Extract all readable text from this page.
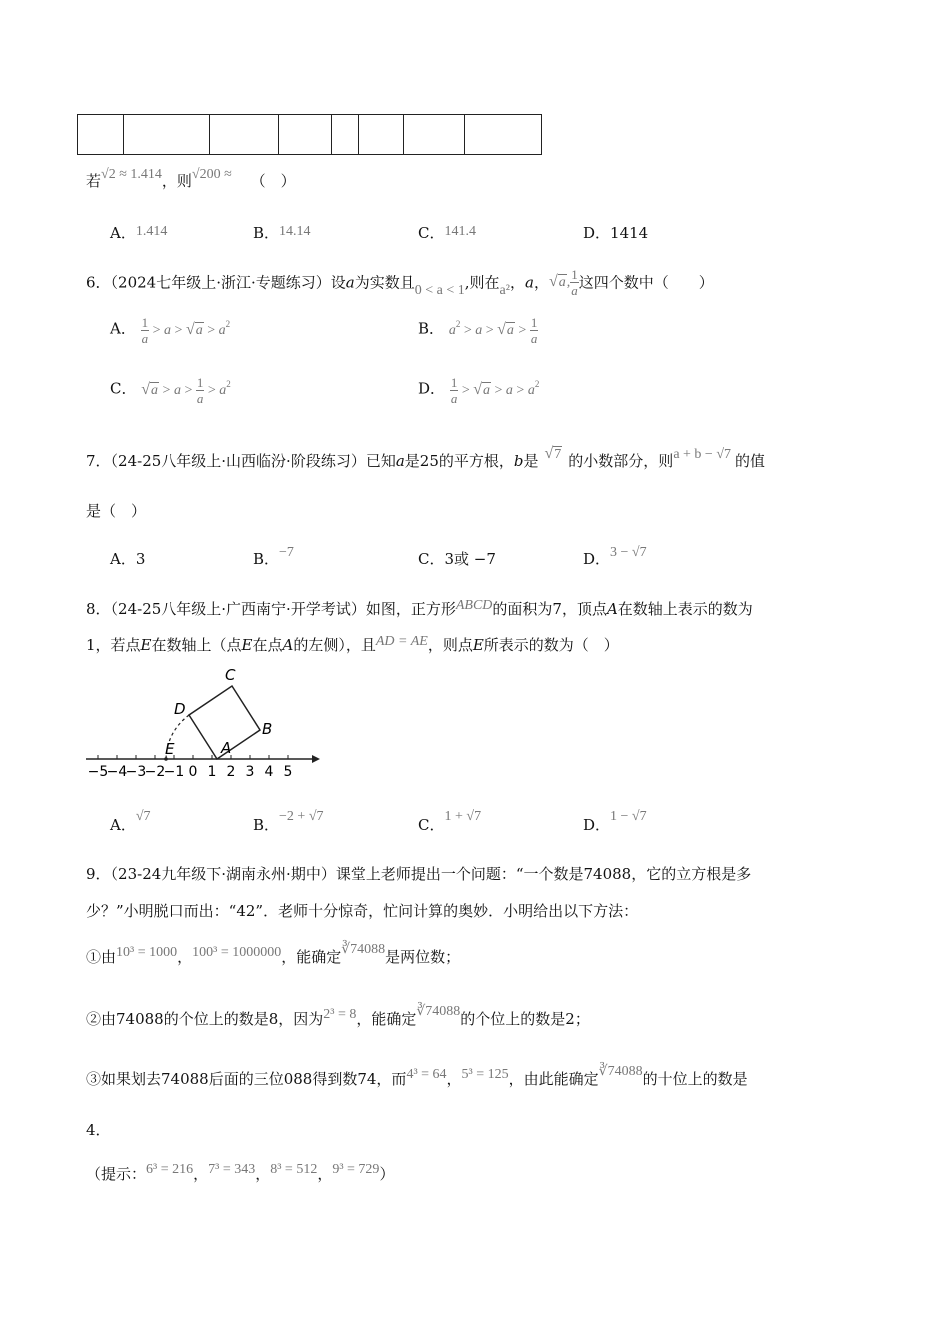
若√2 ≈ 1.414，则√200 ≈ （　）
A．1.414	B．14.14	C．141.4	D．1414
6．（2024七年级上·浙江·专题练习）设a为实数且0 < a < 1,则在a²，a，√a, $\frac{1}{a}$ 这四个数中（　　）
A． $\frac{1}{a} > a > √a > a^2$	B． $a^2 > a > √a > \frac{1}{a}$
C． $√a > a > \frac{1}{a} > a^2$	D． $\frac{1}{a} > √a > a > a^2$
7．（24-25八年级上·山西临汾·阶段练习）已知a是25的平方根，b是 √7 的小数部分，则a + b − √7 的值
是（　）
A．3	B．−7	C．3或 −7	D．3 − √7
8．（24-25八年级上·广西南宁·开学考试）如图，正方形ABCD的面积为7，顶点A在数轴上表示的数为
1，若点E在数轴上（点E在点A的左侧），且AD = AE，则点E所表示的数为（　）
A
B
C
D
E
−5
−4
−3
−2
−1 0 1 2 3 4 5
A．√7	B．−2 + √7	C．1 + √7	D．1 − √7
9．（23-24九年级下·湖南永州·期中）课堂上老师提出一个问题：“一个数是74088，它的立方根是多
少？”小明脱口而出：“42”．老师十分惊奇，忙问计算的奥妙．小明给出以下方法：
①由10³ = 1000，100³ = 1000000，能确定∛74088是两位数；
②由74088的个位上的数是8，因为2³ = 8，能确定∛74088的个位上的数是2；
③如果划去74088后面的三位088得到数74，而4³ = 64，5³ = 125，由此能确定∛74088的十位上的数是
4．
（提示：6³ = 216，7³ = 343，8³ = 512，9³ = 729）
